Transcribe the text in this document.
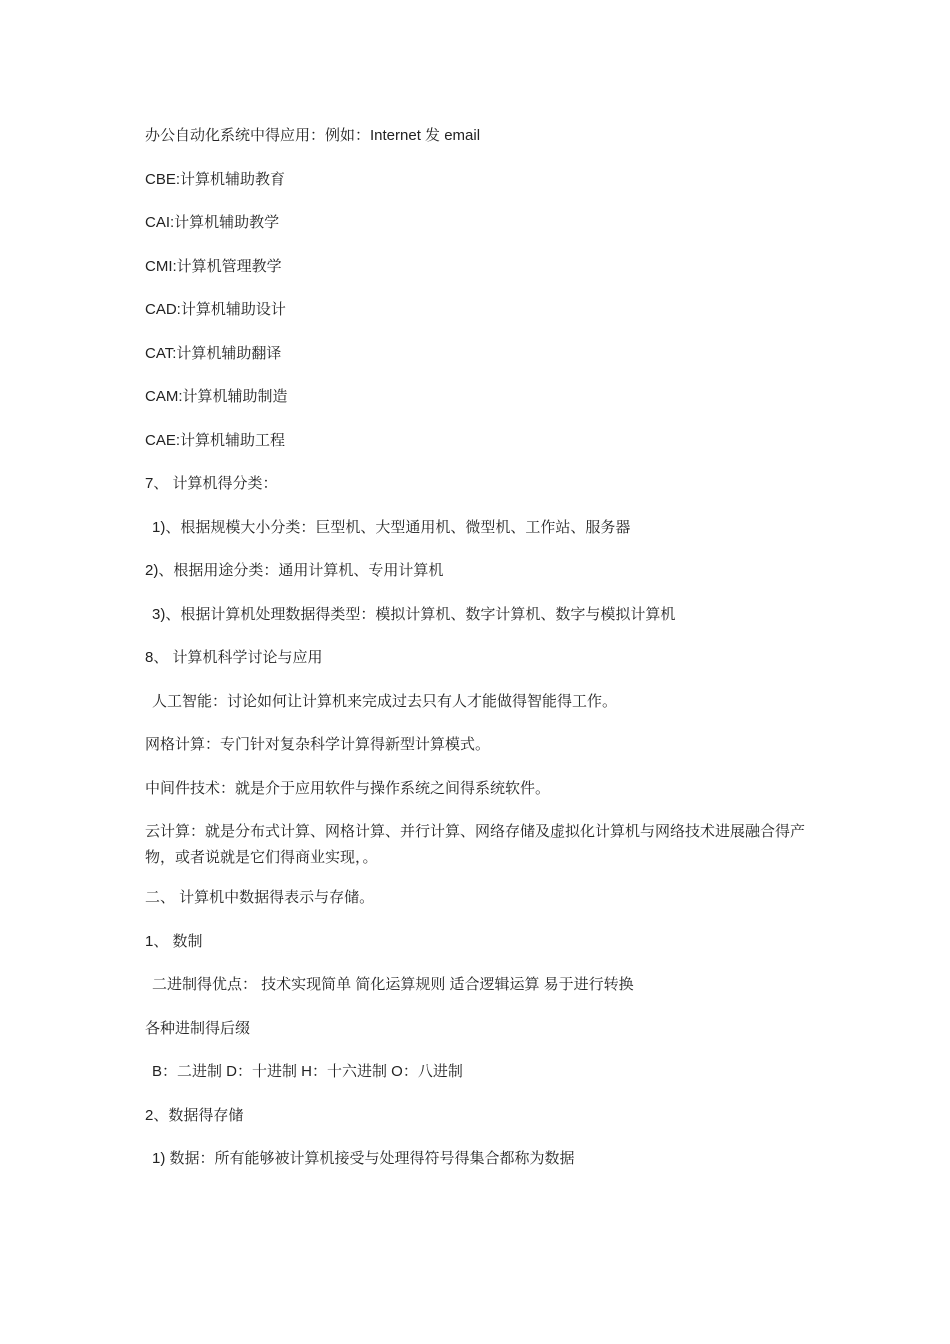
办公自动化系统中得应用：例如：Internet 发 email

CBE:计算机辅助教育

CAI:计算机辅助教学

CMI:计算机管理教学

CAD:计算机辅助设计

CAT:计算机辅助翻译

CAM:计算机辅助制造

CAE:计算机辅助工程

7、 计算机得分类：

1)、根据规模大小分类：巨型机、大型通用机、微型机、工作站、服务器

2)、根据用途分类：通用计算机、专用计算机

3)、根据计算机处理数据得类型：模拟计算机、数字计算机、数字与模拟计算机

8、 计算机科学讨论与应用

人工智能：讨论如何让计算机来完成过去只有人才能做得智能得工作。

网格计算：专门针对复杂科学计算得新型计算模式。

中间件技术：就是介于应用软件与操作系统之间得系统软件。

云计算：就是分布式计算、网格计算、并行计算、网络存储及虚拟化计算机与网络技术进展融合得产物，或者说就是它们得商业实现，。

二、 计算机中数据得表示与存储。

1、 数制

二进制得优点： 技术实现简单 简化运算规则 适合逻辑运算 易于进行转换

各种进制得后缀

B：二进制 D：十进制 H：十六进制 O：八进制

2、数据得存储

1) 数据：所有能够被计算机接受与处理得符号得集合都称为数据
